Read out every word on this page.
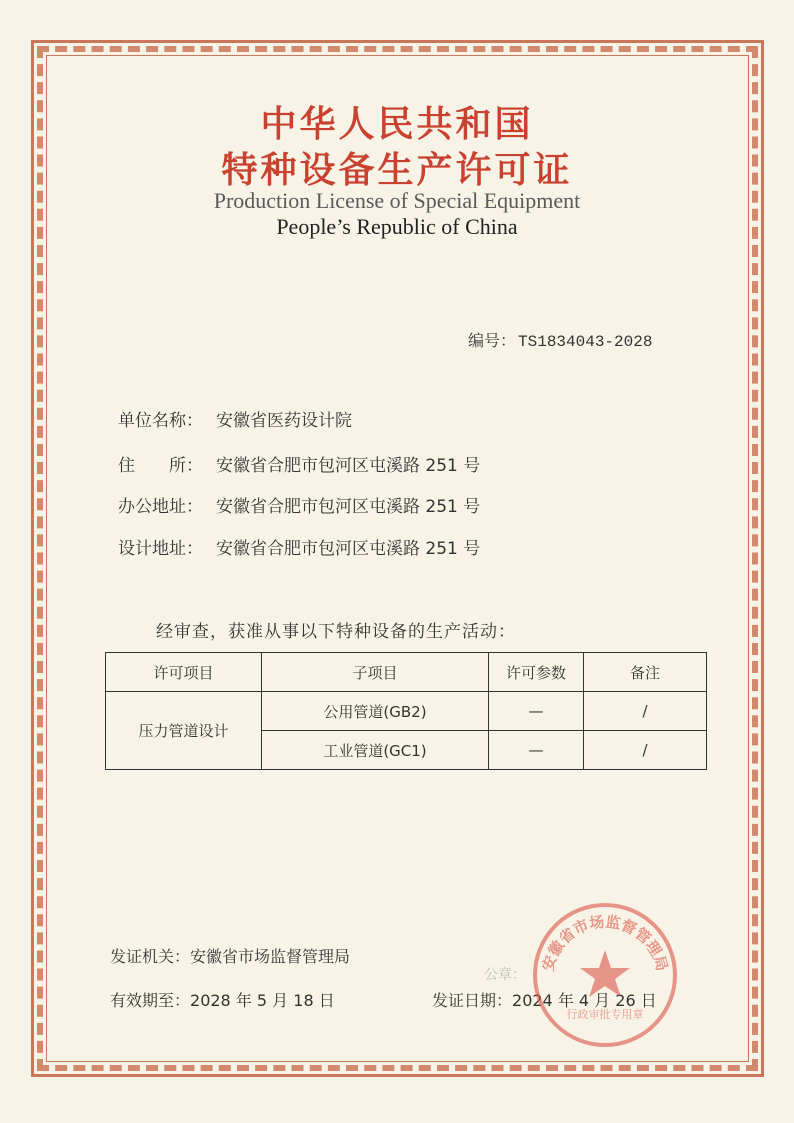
中华人民共和国
特种设备生产许可证
Production License of Special Equipment
People’s Republic of China
编号： TS1834043-2028
单位名称： 安徽省医药设计院
住　　所： 安徽省合肥市包河区屯溪路 251 号
办公地址： 安徽省合肥市包河区屯溪路 251 号
设计地址： 安徽省合肥市包河区屯溪路 251 号
经审查，获准从事以下特种设备的生产活动：
许可项目	子项目	许可参数	备注
压力管道设计	公用管道(GB2)	—	/
	工业管道(GC1)	—	/
发证机关：安徽省市场监督管理局
有效期至：2028 年 5 月 18 日	发证日期：2024 年 4 月 26 日
公章：
安徽省市场监督管理局
行政审批专用章
